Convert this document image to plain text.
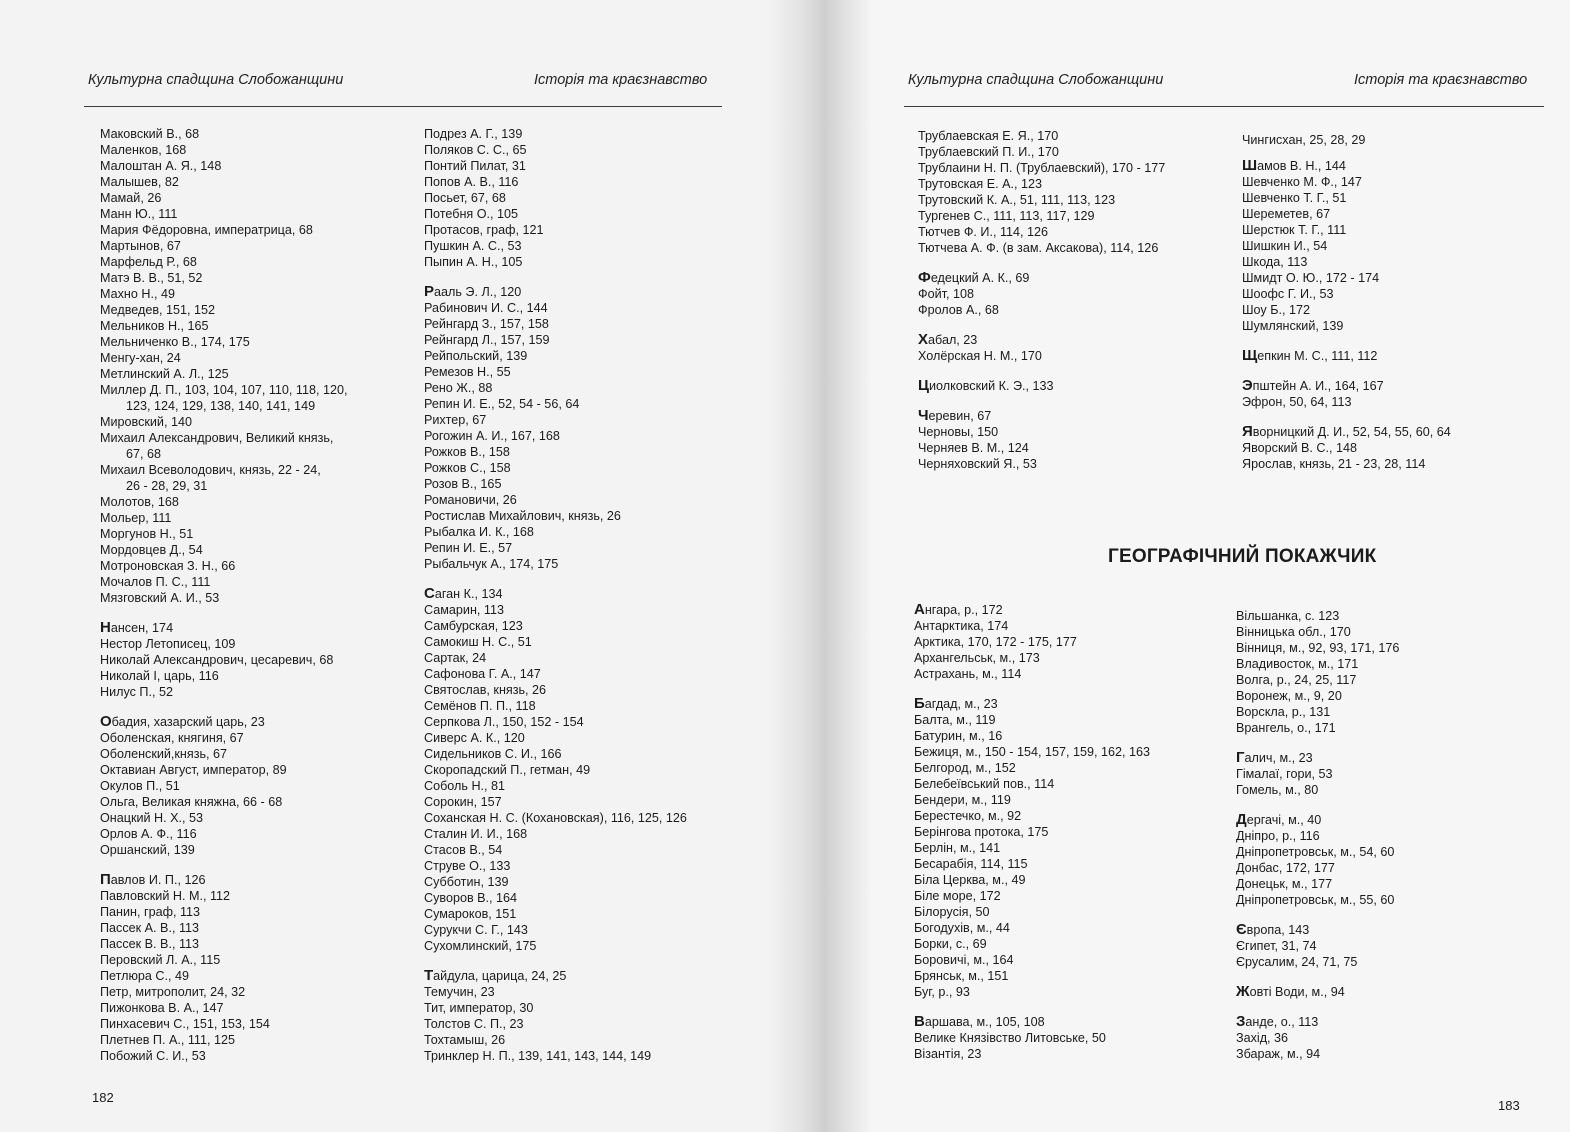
Культурна спадщина Слобожанщини	Історія та краєзнавство
Маковский В., 68
Маленков, 168
Малоштан А. Я., 148
Малышев, 82
Мамай, 26
Манн Ю., 111
Мария Фёдоровна, императрица, 68
Мартынов, 67
Марфельд Р., 68
Матэ В. В., 51, 52
Махно Н., 49
Медведев, 151, 152
Мельников Н., 165
Мельниченко В., 174, 175
Менгу-хан, 24
Метлинский А. Л., 125
Миллер Д. П., 103, 104, 107, 110, 118, 120,
123, 124, 129, 138, 140, 141, 149
Мировский, 140
Михаил Александрович, Великий князь,
67, 68
Михаил Всеволодович, князь, 22 - 24,
26 - 28, 29, 31
Молотов, 168
Мольер, 111
Моргунов Н., 51
Мордовцев Д., 54
Мотроновская З. Н., 66
Мочалов П. С., 111
Мязговский А. И., 53
Нансен, 174
Нестор Летописец, 109
Николай Александрович, цесаревич, 68
Николай I, царь, 116
Нилус П., 52
Обадия, хазарский царь, 23
Оболенская, княгиня, 67
Оболенский,князь, 67
Октавиан Август, император, 89
Окулов П., 51
Ольга, Великая княжна, 66 - 68
Онацкий Н. Х., 53
Орлов А. Ф., 116
Оршанский, 139
Павлов И. П., 126
Павловский Н. М., 112
Панин, граф, 113
Пассек А. В., 113
Пассек В. В., 113
Перовский Л. А., 115
Петлюра С., 49
Петр, митрополит, 24, 32
Пижонкова В. А., 147
Пинхасевич С., 151, 153, 154
Плетнев П. А., 111, 125
Побожий С. И., 53
Подрез А. Г., 139
Поляков С. С., 65
Понтий Пилат, 31
Попов А. В., 116
Посьет, 67, 68
Потебня О., 105
Протасов, граф, 121
Пушкин А. С., 53
Пыпин А. Н., 105
Рааль Э. Л., 120
Рабинович И. С., 144
Рейнгард З., 157, 158
Рейнгард Л., 157, 159
Рейпольский, 139
Ремезов Н., 55
Рено Ж., 88
Репин И. Е., 52, 54 - 56, 64
Рихтер, 67
Рогожин А. И., 167, 168
Рожков В., 158
Рожков С., 158
Розов В., 165
Романовичи, 26
Ростислав Михайлович, князь, 26
Рыбалка И. К., 168
Репин И. Е., 57
Рыбальчук А., 174, 175
Саган К., 134
Самарин, 113
Самбурская, 123
Самокиш Н. С., 51
Сартак, 24
Сафонова Г. А., 147
Святослав, князь, 26
Семёнов П. П., 118
Серпкова Л., 150, 152 - 154
Сиверс А. К., 120
Сидельников С. И., 166
Скоропадский П., гетман, 49
Соболь Н., 81
Сорокин, 157
Соханская Н. С. (Кохановская), 116, 125, 126
Сталин И. И., 168
Стасов В., 54
Струве О., 133
Субботин, 139
Суворов В., 164
Сумароков, 151
Сурукчи С. Г., 143
Сухомлинский, 175
Тайдула, царица, 24, 25
Темучин, 23
Тит, император, 30
Толстов С. П., 23
Тохтамыш, 26
Тринклер Н. П., 139, 141, 143, 144, 149
182
Культурна спадщина Слобожанщини	Історія та краєзнавство
Трублаевская Е. Я., 170
Трублаевский П. И., 170
Трублаини Н. П. (Трублаевский), 170 - 177
Трутовская Е. А., 123
Трутовский К. А., 51, 111, 113, 123
Тургенев С., 111, 113, 117, 129
Тютчев Ф. И., 114, 126
Тютчева А. Ф. (в зам. Аксакова), 114, 126
Федецкий А. К., 69
Фойт, 108
Фролов А., 68
Хабал, 23
Холёрская Н. М., 170
Циолковский К. Э., 133
Черевин, 67
Черновы, 150
Черняев В. М., 124
Черняховский Я., 53
Чингисхан, 25, 28, 29
Шамов В. Н., 144
Шевченко М. Ф., 147
Шевченко Т. Г., 51
Шереметев, 67
Шерстюк Т. Г., 111
Шишкин И., 54
Шкода, 113
Шмидт О. Ю., 172 - 174
Шоофс Г. И., 53
Шоу Б., 172
Шумлянский, 139
Щепкин М. С., 111, 112
Эпштейн А. И., 164, 167
Эфрон, 50, 64, 113
Яворницкий Д. И., 52, 54, 55, 60, 64
Яворский В. С., 148
Ярослав, князь, 21 - 23, 28, 114
ГЕОГРАФІЧНИЙ ПОКАЖЧИК
Ангара, р., 172
Антарктика, 174
Арктика, 170, 172 - 175, 177
Архангельськ, м., 173
Астрахань, м., 114
Багдад, м., 23
Балта, м., 119
Батурин, м., 16
Бежиця, м., 150 - 154, 157, 159, 162, 163
Белгород, м., 152
Белебеївський пов., 114
Бендери, м., 119
Берестечко, м., 92
Берінгова протока, 175
Берлін, м., 141
Бесарабія, 114, 115
Біла Церква, м., 49
Біле море, 172
Білорусія, 50
Богодухів, м., 44
Борки, с., 69
Боровичі, м., 164
Брянськ, м., 151
Буг, р., 93
Варшава, м., 105, 108
Велике Князівство Литовське, 50
Візантія, 23
Вільшанка, с. 123
Вінницька обл., 170
Вінниця, м., 92, 93, 171, 176
Владивосток, м., 171
Волга, р., 24, 25, 117
Воронеж, м., 9, 20
Ворскла, р., 131
Врангель, о., 171
Галич, м., 23
Гімалаї, гори, 53
Гомель, м., 80
Дергачі, м., 40
Дніпро, р., 116
Дніпропетровськ, м., 54, 60
Донбас, 172, 177
Донецьк, м., 177
Дніпропетровськ, м., 55, 60
Європа, 143
Єгипет, 31, 74
Єрусалим, 24, 71, 75
Жовті Води, м., 94
Занде, о., 113
Захід, 36
Збараж, м., 94
183
